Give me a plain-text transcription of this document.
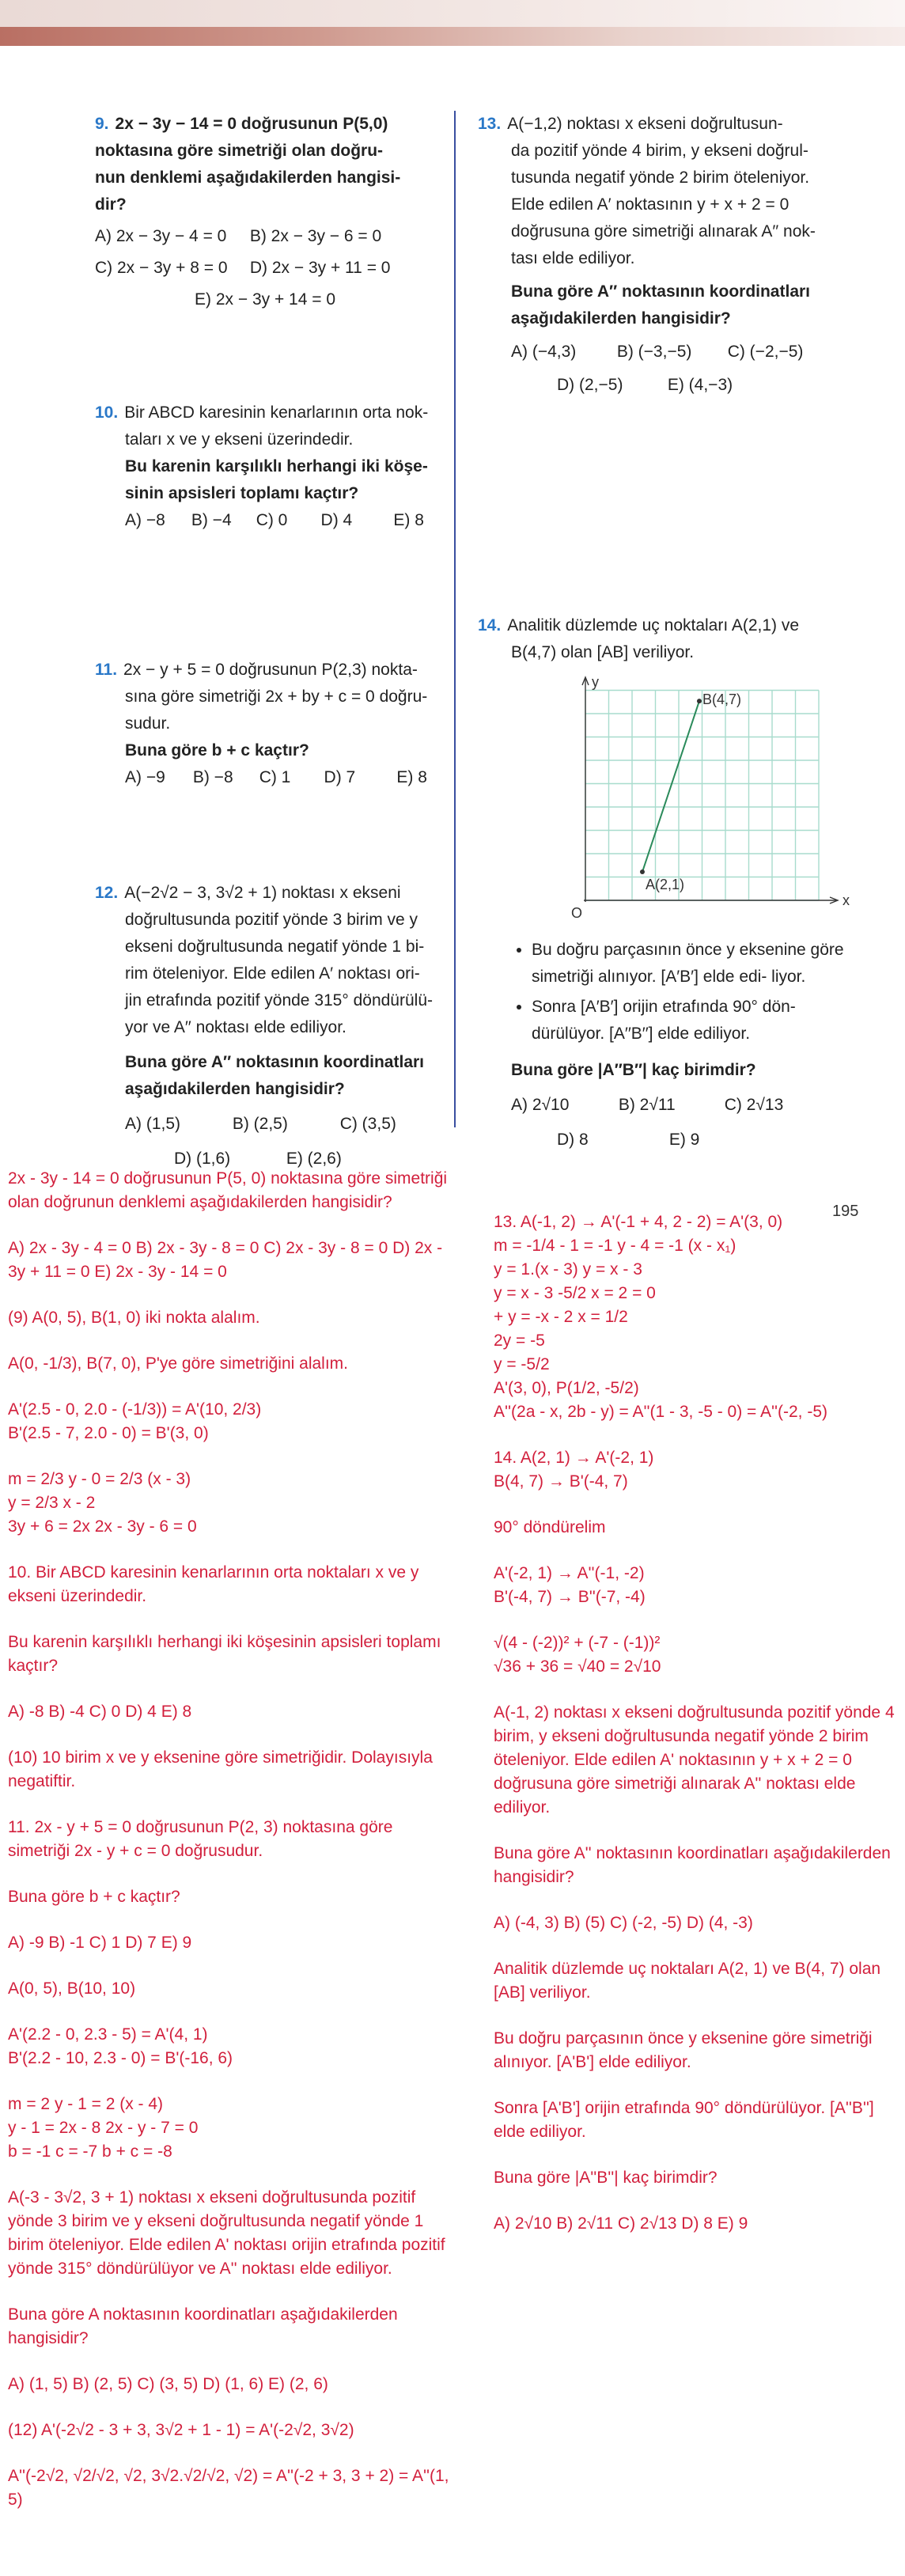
9. 2x − 3y − 14 = 0 doğrusunun P(5,0)
noktasına göre simetriği olan doğru-
nun denklemi aşağıdakilerden hangisi-
dir?
A) 2x − 3y − 4 = 0 B) 2x − 3y − 6 = 0
C) 2x − 3y + 8 = 0 D) 2x − 3y + 11 = 0
E) 2x − 3y + 14 = 0
10. Bir ABCD karesinin kenarlarının orta nok-
taları x ve y ekseni üzerindedir.
Bu karenin karşılıklı herhangi iki köşe-
sinin apsisleri toplamı kaçtır?
A) −8 B) −4 C) 0 D) 4 E) 8
11. 2x − y + 5 = 0 doğrusunun P(2,3) nokta-
sına göre simetriği 2x + by + c = 0 doğru-
sudur.
Buna göre b + c kaçtır?
A) −9 B) −8 C) 1 D) 7 E) 8
12. A(−2√2 − 3, 3√2 + 1) noktası x ekseni
doğrultusunda pozitif yönde 3 birim ve y
ekseni doğrultusunda negatif yönde 1 bi-
rim öteleniyor. Elde edilen A′ noktası ori-
jin etrafında pozitif yönde 315° döndürülü-
yor ve A′′ noktası elde ediliyor.
Buna göre A′′ noktasının koordinatları
aşağıdakilerden hangisidir?
A) (1,5)	B) (2,5)	C) (3,5)
D) (1,6)	E) (2,6)
13. A(−1,2) noktası x ekseni doğrultusun-
da pozitif yönde 4 birim, y ekseni doğrul-
tusunda negatif yönde 2 birim öteleniyor.
Elde edilen A′ noktasının y + x + 2 = 0
doğrusuna göre simetriği alınarak A′′ nok-
tası elde ediliyor.
Buna göre A′′ noktasının koordinatları
aşağıdakilerden hangisidir?
A) (−4,3) B) (−3,−5) C) (−2,−5)
D) (2,−5)	E) (4,−3)
14. Analitik düzlemde uç noktaları A(2,1) ve
B(4,7) olan [AB] veriliyor.
y
x
O
A(2,1)
B(4,7)
• Bu doğru parçasının önce y eksenine göre simetriği alınıyor. [A′B′] elde edi- liyor.
• Sonra [A′B′] orijin etrafında 90° dön- dürülüyor. [A′′B′′] elde ediliyor.
Buna göre |A′′B′′| kaç birimdir?
A) 2√10	B) 2√11	C) 2√13
D) 8	E) 9
195

2x - 3y - 14 = 0 doğrusunun P(5, 0) noktasına göre simetriği olan doğrunun denklemi aşağıdakilerden hangisidir?

A) 2x - 3y - 4 = 0 B) 2x - 3y - 8 = 0 C) 2x - 3y - 8 = 0 D) 2x - 3y + 11 = 0 E) 2x - 3y - 14 = 0

(9) A(0, 5), B(1, 0) iki nokta alalım.

A(0, -1/3), B(7, 0), P'ye göre simetriğini alalım.

A'(2.5 - 0, 2.0 - (-1/3)) = A'(10, 2/3)

B'(2.5 - 7, 2.0 - 0) = B'(3, 0)

m = 2/3 y - 0 = 2/3 (x - 3)

y = 2/3 x - 2

3y + 6 = 2x 2x - 3y - 6 = 0

10. Bir ABCD karesinin kenarlarının orta noktaları x ve y ekseni üzerindedir.

Bu karenin karşılıklı herhangi iki köşesinin apsisleri toplamı kaçtır?

A) -8 B) -4 C) 0 D) 4 E) 8

(10) 10 birim x ve y eksenine göre simetriğidir. Dolayısıyla negatiftir.

11. 2x - y + 5 = 0 doğrusunun P(2, 3) noktasına göre simetriği 2x - y + c = 0 doğrusudur.

Buna göre b + c kaçtır?

A) -9 B) -1 C) 1 D) 7 E) 9

A(0, 5), B(10, 10)

A'(2.2 - 0, 2.3 - 5) = A'(4, 1)

B'(2.2 - 10, 2.3 - 0) = B'(-16, 6)

m = 2 y - 1 = 2 (x - 4)

y - 1 = 2x - 8 2x - y - 7 = 0

b = -1 c = -7 b + c = -8

A(-3 - 3√2, 3 + 1) noktası x ekseni doğrultusunda pozitif yönde 3 birim ve y ekseni doğrultusunda negatif yönde 1 birim öteleniyor. Elde edilen A' noktası orijin etrafında pozitif yönde 315° döndürülüyor ve A'' noktası elde ediliyor.

Buna göre A noktasının koordinatları aşağıdakilerden hangisidir?

A) (1, 5) B) (2, 5) C) (3, 5) D) (1, 6) E) (2, 6)

(12) A'(-2√2 - 3 + 3, 3√2 + 1 - 1) = A'(-2√2, 3√2)

A''(-2√2, √2/√2, √2, 3√2.√2/√2, √2) = A''(-2 + 3, 3 + 2) = A''(1, 5)

13. A(-1, 2) → A'(-1 + 4, 2 - 2) = A'(3, 0)

m = -1/4 - 1 = -1 y - 4 = -1 (x - x₁)

y = 1.(x - 3) y = x - 3

y = x - 3 -5/2 x = 2 = 0

+ y = -x - 2 x = 1/2

2y = -5

y = -5/2

A'(3, 0), P(1/2, -5/2)

A''(2a - x, 2b - y) = A''(1 - 3, -5 - 0) = A''(-2, -5)

14. A(2, 1) → A'(-2, 1)

B(4, 7) → B'(-4, 7)

90° döndürelim

A'(-2, 1) → A''(-1, -2)

B'(-4, 7) → B''(-7, -4)

√(4 - (-2))² + (-7 - (-1))²

√36 + 36 = √40 = 2√10

A(-1, 2) noktası x ekseni doğrultusunda pozitif yönde 4 birim, y ekseni doğrultusunda negatif yönde 2 birim öteleniyor. Elde edilen A' noktasının y + x + 2 = 0 doğrusuna göre simetriği alınarak A'' noktası elde ediliyor.

Buna göre A'' noktasının koordinatları aşağıdakilerden hangisidir?

A) (-4, 3) B) (5) C) (-2, -5) D) (4, -3)

Analitik düzlemde uç noktaları A(2, 1) ve B(4, 7) olan [AB] veriliyor.

Bu doğru parçasının önce y eksenine göre simetriği alınıyor. [A'B'] elde ediliyor.

Sonra [A'B'] orijin etrafında 90° döndürülüyor. [A''B''] elde ediliyor.

Buna göre |A''B''| kaç birimdir?

A) 2√10 B) 2√11 C) 2√13 D) 8 E) 9
